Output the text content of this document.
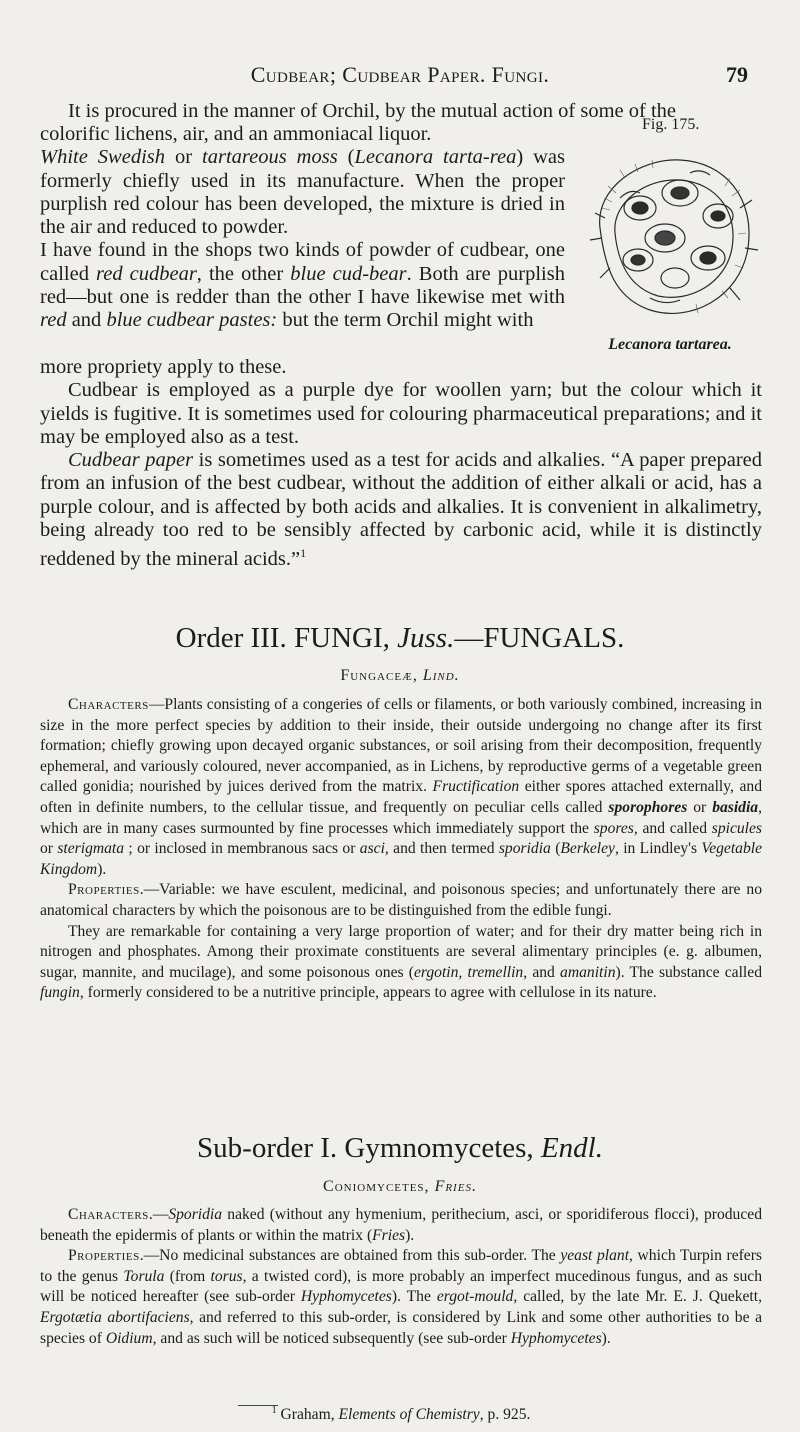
Cudbear; Cudbear Paper. Fungi.	79

It is procured in the manner of Orchil, by the mutual action of some of the

colorific lichens, air, and an ammoniacal liquor.

White Swedish or tartareous moss (Lecanora tarta-rea) was formerly chiefly used in its manufacture. When the proper purplish red colour has been developed, the mixture is dried in the air and reduced to powder.

I have found in the shops two kinds of powder of cudbear, one called red cudbear, the other blue cud-bear. Both are purplish red—but one is redder than the other I have likewise met with red and blue cudbear pastes: but the term Orchil might with

Fig. 175.
Lecanora tartarea.

more propriety apply to these.

Cudbear is employed as a purple dye for woollen yarn; but the colour which it yields is fugitive. It is sometimes used for colouring pharmaceutical preparations; and it may be employed also as a test.

Cudbear paper is sometimes used as a test for acids and alkalies. “A paper prepared from an infusion of the best cudbear, without the addition of either alkali or acid, has a purple colour, and is affected by both acids and alkalies. It is convenient in alkalimetry, being already too red to be sensibly affected by carbonic acid, while it is distinctly reddened by the mineral acids.”$^1$

Order III. FUNGI, Juss.—FUNGALS.
Fungaceæ, Lind.

Characters—Plants consisting of a congeries of cells or filaments, or both variously combined, increasing in size in the more perfect species by addition to their inside, their outside undergoing no change after its first formation; chiefly growing upon decayed organic substances, or soil arising from their decomposition, frequently ephemeral, and variously coloured, never accompanied, as in Lichens, by reproductive germs of a vegetable green called gonidia; nourished by juices derived from the matrix. Fructification either spores attached externally, and often in definite numbers, to the cellular tissue, and frequently on peculiar cells called sporophores or basidia, which are in many cases surmounted by fine processes which immediately support the spores, and called spicules or sterigmata ; or inclosed in membranous sacs or asci, and then termed sporidia (Berkeley, in Lindley's Vegetable Kingdom).

Properties.—Variable: we have esculent, medicinal, and poisonous species; and unfortunately there are no anatomical characters by which the poisonous are to be distinguished from the edible fungi.

They are remarkable for containing a very large proportion of water; and for their dry matter being rich in nitrogen and phosphates. Among their proximate constituents are several alimentary principles (e. g. albumen, sugar, mannite, and mucilage), and some poisonous ones (ergotin, tremellin, and amanitin). The substance called fungin, formerly considered to be a nutritive principle, appears to agree with cellulose in its nature.

Sub-order I. Gymnomycetes, Endl.
Coniomycetes, Fries.

Characters.—Sporidia naked (without any hymenium, perithecium, asci, or sporidiferous flocci), produced beneath the epidermis of plants or within the matrix (Fries).

Properties.—No medicinal substances are obtained from this sub-order. The yeast plant, which Turpin refers to the genus Torula (from torus, a twisted cord), is more probably an imperfect mucedinous fungus, and as such will be noticed hereafter (see sub-order Hyphomycetes). The ergot-mould, called, by the late Mr. E. J. Quekett, Ergotætia abortifaciens, and referred to this sub-order, is considered by Link and some other authorities to be a species of Oidium, and as such will be noticed subsequently (see sub-order Hyphomycetes).

$^1$ Graham, Elements of Chemistry, p. 925.
